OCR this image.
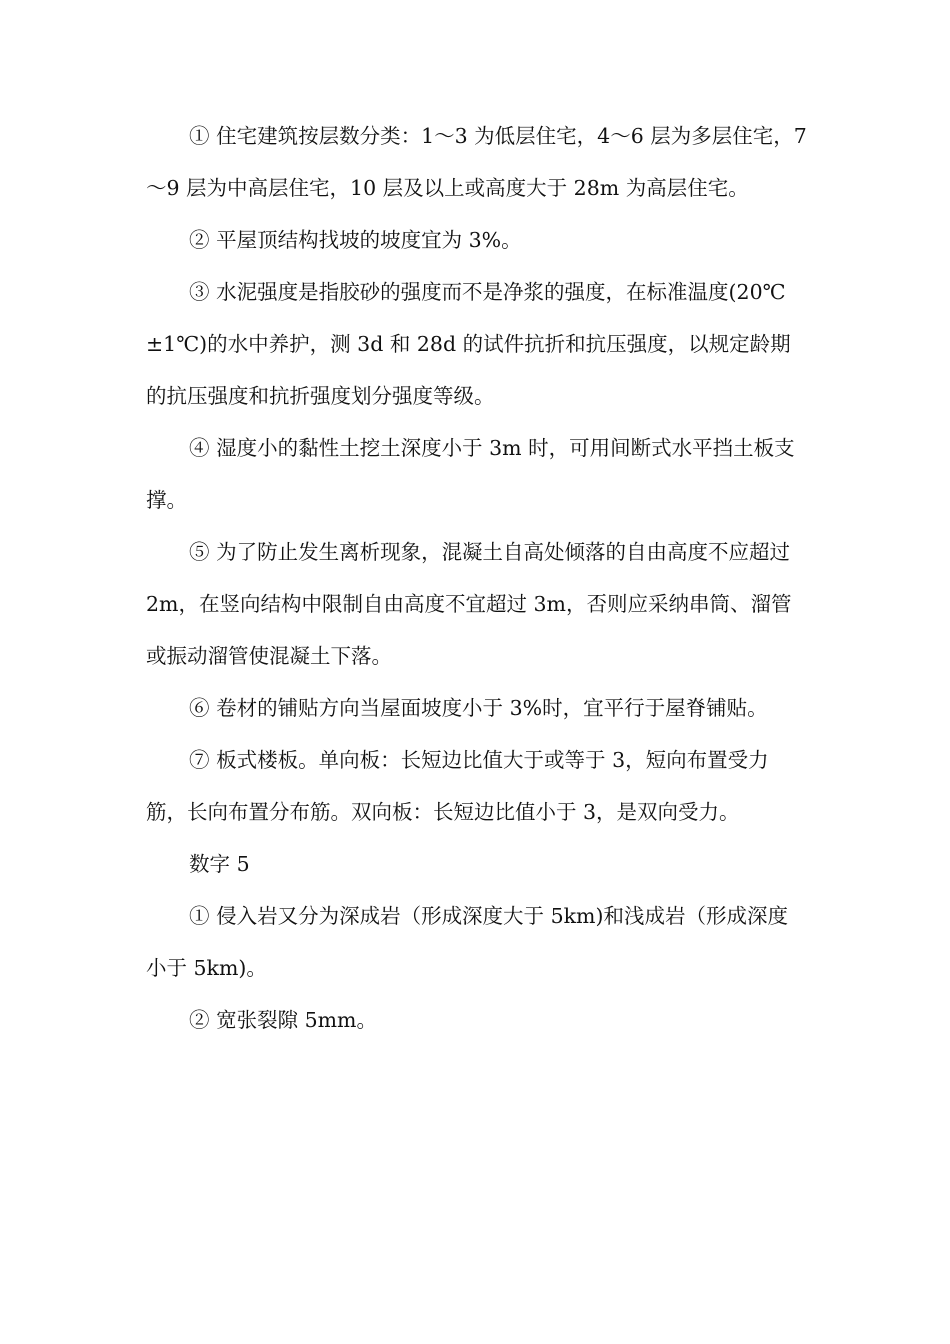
① 住宅建筑按层数分类：1～3 为低层住宅，4～6 层为多层住宅，7～9 层为中高层住宅，10 层及以上或高度大于 28m 为高层住宅。

② 平屋顶结构找坡的坡度宜为 3%。

③ 水泥强度是指胶砂的强度而不是净浆的强度，在标准温度(20℃±1℃)的水中养护，测 3d 和 28d 的试件抗折和抗压强度，以规定龄期的抗压强度和抗折强度划分强度等级。

④ 湿度小的黏性土挖土深度小于 3m 时，可用间断式水平挡土板支撑。

⑤ 为了防止发生离析现象，混凝土自高处倾落的自由高度不应超过 2m，在竖向结构中限制自由高度不宜超过 3m，否则应采纳串筒、溜管或振动溜管使混凝土下落。

⑥ 卷材的铺贴方向当屋面坡度小于 3%时，宜平行于屋脊铺贴。

⑦ 板式楼板。单向板：长短边比值大于或等于 3，短向布置受力筋，长向布置分布筋。双向板：长短边比值小于 3，是双向受力。

数字 5

① 侵入岩又分为深成岩（形成深度大于 5km)和浅成岩（形成深度小于 5km)。

② 宽张裂隙 5mm。
